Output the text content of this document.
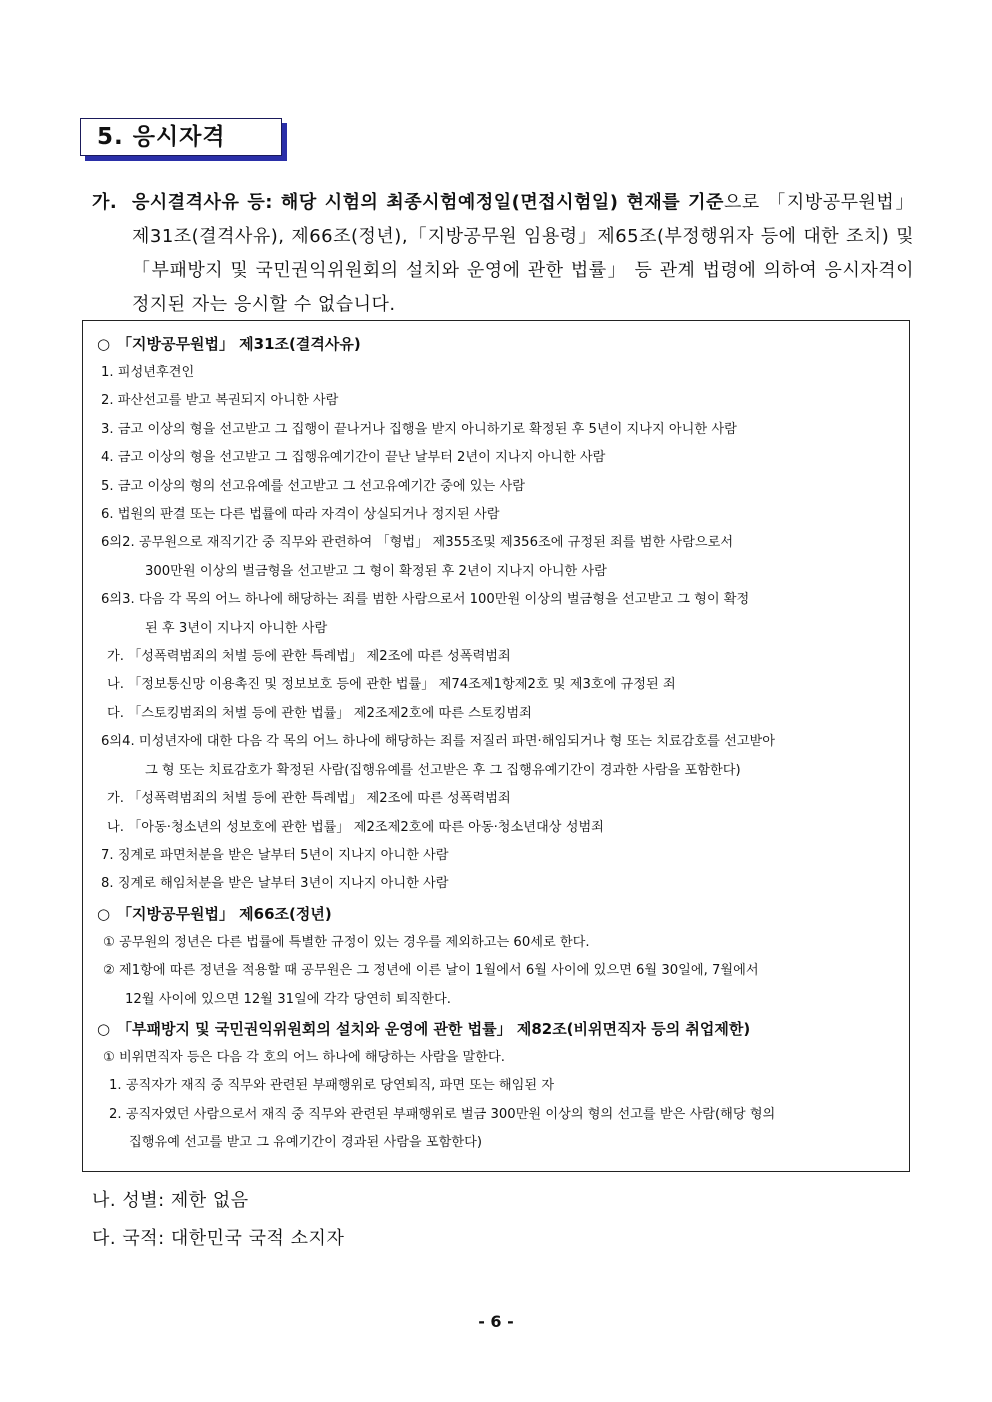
5. 응시자격
가. 응시결격사유 등: 해당 시험의 최종시험예정일(면접시험일) 현재를 기준으로 「지방공무원법」제31조(결격사유), 제66조(정년),「지방공무원 임용령」제65조(부정행위자 등에 대한 조치) 및「부패방지 및 국민권익위원회의 설치와 운영에 관한 법률」 등 관계 법령에 의하여 응시자격이 정지된 자는 응시할 수 없습니다.
○ 「지방공무원법」 제31조(결격사유)
1. 피성년후견인
2. 파산선고를 받고 복권되지 아니한 사람
3. 금고 이상의 형을 선고받고 그 집행이 끝나거나 집행을 받지 아니하기로 확정된 후 5년이 지나지 아니한 사람
4. 금고 이상의 형을 선고받고 그 집행유예기간이 끝난 날부터 2년이 지나지 아니한 사람
5. 금고 이상의 형의 선고유예를 선고받고 그 선고유예기간 중에 있는 사람
6. 법원의 판결 또는 다른 법률에 따라 자격이 상실되거나 정지된 사람
6의2. 공무원으로 재직기간 중 직무와 관련하여 「형법」 제355조및 제356조에 규정된 죄를 범한 사람으로서
300만원 이상의 벌금형을 선고받고 그 형이 확정된 후 2년이 지나지 아니한 사람
6의3. 다음 각 목의 어느 하나에 해당하는 죄를 범한 사람으로서 100만원 이상의 벌금형을 선고받고 그 형이 확정
된 후 3년이 지나지 아니한 사람
가. 「성폭력범죄의 처벌 등에 관한 특례법」 제2조에 따른 성폭력범죄
나. 「정보통신망 이용촉진 및 정보보호 등에 관한 법률」 제74조제1항제2호 및 제3호에 규정된 죄
다. 「스토킹범죄의 처벌 등에 관한 법률」 제2조제2호에 따른 스토킹범죄
6의4. 미성년자에 대한 다음 각 목의 어느 하나에 해당하는 죄를 저질러 파면·해임되거나 형 또는 치료감호를 선고받아
그 형 또는 치료감호가 확정된 사람(집행유예를 선고받은 후 그 집행유예기간이 경과한 사람을 포함한다)
가. 「성폭력범죄의 처벌 등에 관한 특례법」 제2조에 따른 성폭력범죄
나. 「아동·청소년의 성보호에 관한 법률」 제2조제2호에 따른 아동·청소년대상 성범죄
7. 징계로 파면처분을 받은 날부터 5년이 지나지 아니한 사람
8. 징계로 해임처분을 받은 날부터 3년이 지나지 아니한 사람
○ 「지방공무원법」 제66조(정년)
① 공무원의 정년은 다른 법률에 특별한 규정이 있는 경우를 제외하고는 60세로 한다.
② 제1항에 따른 정년을 적용할 때 공무원은 그 정년에 이른 날이 1월에서 6월 사이에 있으면 6월 30일에, 7월에서
12월 사이에 있으면 12월 31일에 각각 당연히 퇴직한다.
○ 「부패방지 및 국민권익위원회의 설치와 운영에 관한 법률」 제82조(비위면직자 등의 취업제한)
① 비위면직자 등은 다음 각 호의 어느 하나에 해당하는 사람을 말한다.
1. 공직자가 재직 중 직무와 관련된 부패행위로 당연퇴직, 파면 또는 해임된 자
2. 공직자였던 사람으로서 재직 중 직무와 관련된 부패행위로 벌금 300만원 이상의 형의 선고를 받은 사람(해당 형의
집행유예 선고를 받고 그 유예기간이 경과된 사람을 포함한다)
나. 성별: 제한 없음
다. 국적: 대한민국 국적 소지자
- 6 -
